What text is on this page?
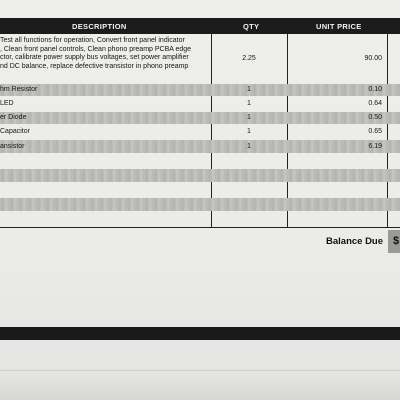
DESCRIPTION	QTY	UNIT PRICE
Test all functions for operation, Convert front panel indicator
, Clean front panel controls, Clean phono preamp PCBA edge
ctor, calibrate power supply bus voltages, set power amplifier
nd DC balance, replace defective transistor in phono preamp
2.25	90.00
hm Resistor	1	0.10
LED	1	0.64
er Diode	1	0.50
Capacitor	1	0.65
ansistor	1	6.19
Balance Due $
